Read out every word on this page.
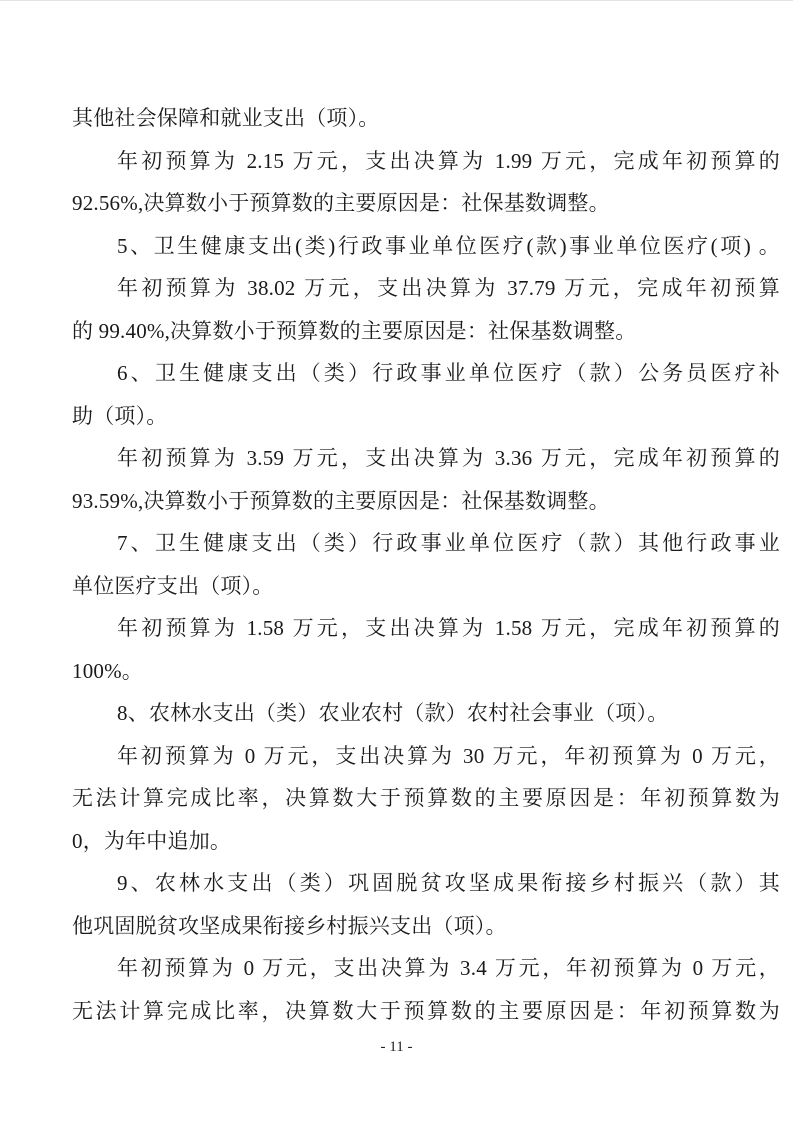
其他社会保障和就业支出（项）。
年初预算为 2.15 万元，支出决算为 1.99 万元，完成年初预算的
92.56%,决算数小于预算数的主要原因是：社保基数调整。
5、卫生健康支出(类)行政事业单位医疗(款)事业单位医疗(项) 。
年初预算为 38.02 万元，支出决算为 37.79 万元，完成年初预算
的 99.40%,决算数小于预算数的主要原因是：社保基数调整。
6、卫生健康支出（类）行政事业单位医疗（款）公务员医疗补
助（项）。
年初预算为 3.59 万元，支出决算为 3.36 万元，完成年初预算的
93.59%,决算数小于预算数的主要原因是：社保基数调整。
7、卫生健康支出（类）行政事业单位医疗（款）其他行政事业
单位医疗支出（项）。
年初预算为 1.58 万元，支出决算为 1.58 万元，完成年初预算的
100%。
8、农林水支出（类）农业农村（款）农村社会事业（项）。
年初预算为 0 万元，支出决算为 30 万元，年初预算为 0 万元，
无法计算完成比率，决算数大于预算数的主要原因是：年初预算数为
0，为年中追加。
9、农林水支出（类）巩固脱贫攻坚成果衔接乡村振兴（款）其
他巩固脱贫攻坚成果衔接乡村振兴支出（项）。
年初预算为 0 万元，支出决算为 3.4 万元，年初预算为 0 万元，
无法计算完成比率，决算数大于预算数的主要原因是：年初预算数为
- 11 -
